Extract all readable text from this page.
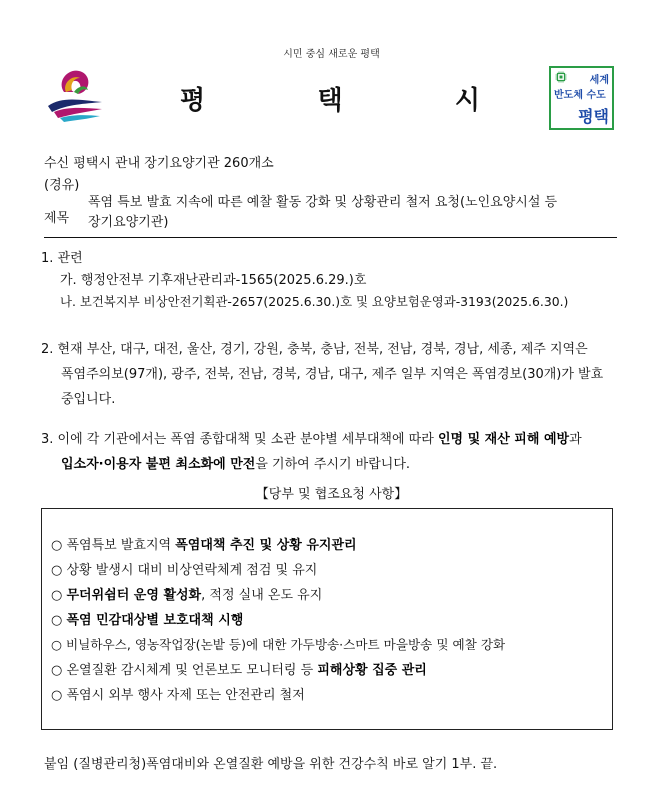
시민 중심 새로운 평택
평	택	시
세계
반도체 수도
평택
수신 평택시 관내 장기요양기관 260개소
(경유)
제목
폭염 특보 발효 지속에 따른 예찰 활동 강화 및 상황관리 철저 요청(노인요양시설 등 장기요양기관)
1. 관련
가. 행정안전부 기후재난관리과-1565(2025.6.29.)호
나. 보건복지부 비상안전기획관-2657(2025.6.30.)호 및 요양보험운영과-3193(2025.6.30.)
2. 현재 부산, 대구, 대전, 울산, 경기, 강원, 충북, 충남, 전북, 전남, 경북, 경남, 세종, 제주 지역은 폭염주의보(97개), 광주, 전북, 전남, 경북, 경남, 대구, 제주 일부 지역은 폭염경보(30개)가 발효 중입니다.
3. 이에 각 기관에서는 폭염 종합대책 및 소관 분야별 세부대책에 따라 인명 및 재산 피해 예방과 입소자·이용자 불편 최소화에 만전을 기하여 주시기 바랍니다.
【당부 및 협조요청 사항】
○ 폭염특보 발효지역 폭염대책 추진 및 상황 유지관리
○ 상황 발생시 대비 비상연락체계 점검 및 유지
○ 무더위쉼터 운영 활성화, 적정 실내 온도 유지
○ 폭염 민감대상별 보호대책 시행
○ 비닐하우스, 영농작업장(논밭 등)에 대한 가두방송·스마트 마을방송 및 예찰 강화
○ 온열질환 감시체계 및 언론보도 모니터링 등 피해상황 집중 관리
○ 폭염시 외부 행사 자제 또는 안전관리 철저
붙임 (질병관리청)폭염대비와 온열질환 예방을 위한 건강수칙 바로 알기 1부. 끝.
